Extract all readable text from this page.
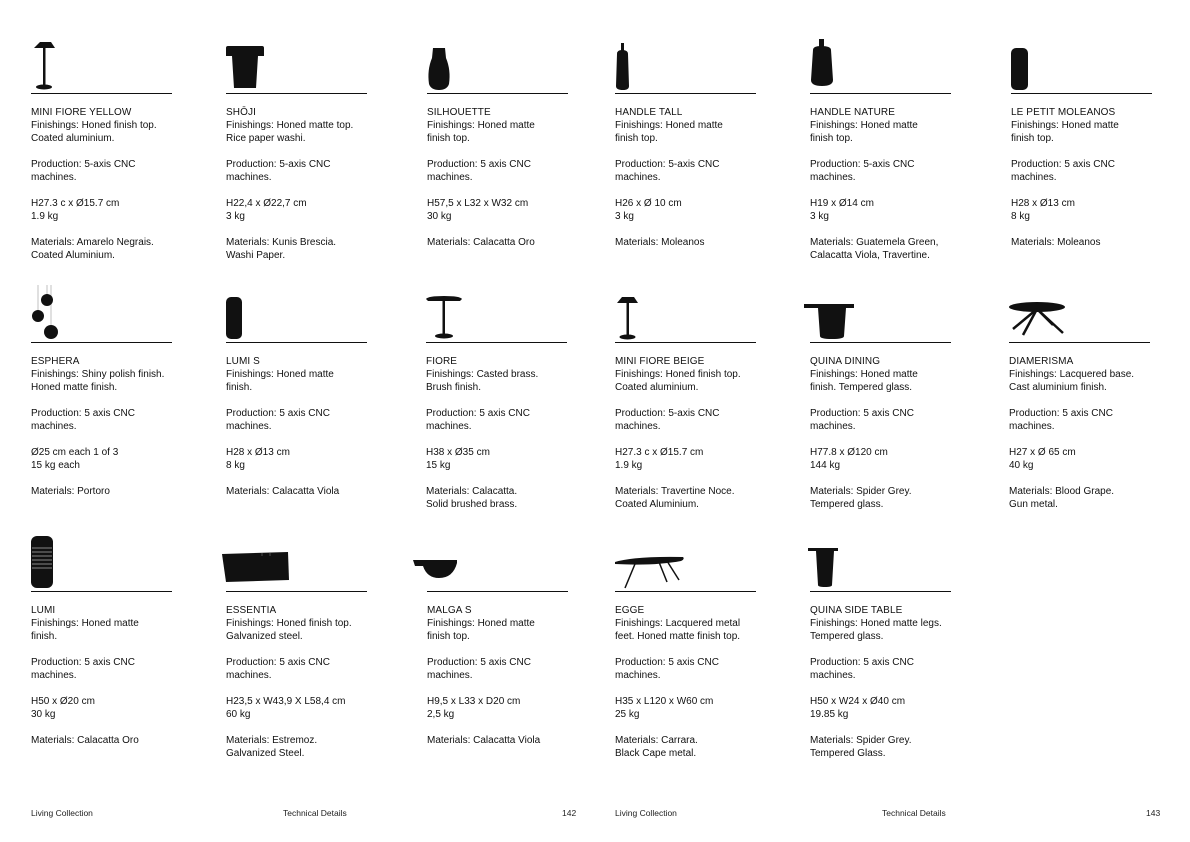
MINI FIORE YELLOW

Finishings: Honed finish top.

Coated aluminium.

Production: 5-axis CNC

machines.

H27.3 c x Ø15.7 cm

1.9 kg

Materials: Amarelo Negrais.

Coated Aluminium.

SHŌJI

Finishings: Honed matte top.

Rice paper washi.

Production: 5-axis CNC

machines.

H22,4 x Ø22,7 cm

3 kg

Materials: Kunis Brescia.

Washi Paper.

SILHOUETTE

Finishings: Honed matte

finish top.

Production: 5 axis CNC

machines.

H57,5 x L32 x W32 cm

30 kg

Materials: Calacatta Oro

HANDLE TALL

Finishings: Honed matte

finish top.

Production: 5-axis CNC

machines.

H26 x Ø 10 cm

3 kg

Materials: Moleanos

HANDLE NATURE

Finishings: Honed matte

finish top.

Production: 5-axis CNC

machines.

H19 x Ø14 cm

3 kg

Materials: Guatemela Green,

Calacatta Viola, Travertine.

LE PETIT MOLEANOS

Finishings: Honed matte

finish top.

Production: 5 axis CNC

machines.

H28 x Ø13 cm

8 kg

Materials: Moleanos

ESPHERA

Finishings: Shiny polish finish.

Honed matte finish.

Production: 5 axis CNC

machines.

Ø25 cm each 1 of 3

15 kg each

Materials: Portoro

LUMI S

Finishings: Honed matte

finish.

Production: 5 axis CNC

machines.

H28 x Ø13 cm

8 kg

Materials: Calacatta Viola

FIORE

Finishings: Casted brass.

Brush finish.

Production: 5 axis CNC

machines.

H38 x Ø35 cm

15 kg

Materials: Calacatta.

Solid brushed brass.

MINI FIORE BEIGE

Finishings: Honed finish top.

Coated aluminium.

Production: 5-axis CNC

machines.

H27.3 c x Ø15.7 cm

1.9 kg

Materials: Travertine Noce.

Coated Aluminium.

QUINA DINING

Finishings: Honed matte

finish. Tempered glass.

Production: 5 axis CNC

machines.

H77.8 x Ø120 cm

144 kg

Materials: Spider Grey.

Tempered glass.

DIAMERISMA

Finishings: Lacquered base.

Cast aluminium finish.

Production: 5 axis CNC

machines.

H27 x Ø 65 cm

40 kg

Materials: Blood Grape.

Gun metal.

LUMI

Finishings: Honed matte

finish.

Production: 5 axis CNC

machines.

H50 x Ø20 cm

30 kg

Materials: Calacatta Oro

ESSENTIA

Finishings: Honed finish top.

Galvanized steel.

Production: 5 axis CNC

machines.

H23,5 x W43,9 X L58,4 cm

60 kg

Materials: Estremoz.

Galvanized Steel.

MALGA S

Finishings: Honed matte

finish top.

Production: 5 axis CNC

machines.

H9,5 x L33 x D20 cm

2,5 kg

Materials: Calacatta Viola

EGGE

Finishings: Lacquered metal

feet. Honed matte finish top.

Production: 5 axis CNC

machines.

H35 x L120 x W60 cm

25 kg

Materials: Carrara.

Black Cape metal.

QUINA SIDE TABLE

Finishings: Honed matte legs.

Tempered glass.

Production: 5 axis CNC

machines.

H50 x W24 x Ø40 cm

19.85 kg

Materials: Spider Grey.

Tempered Glass.

Living Collection	Technical Details	142	Living Collection	Technical Details	143
